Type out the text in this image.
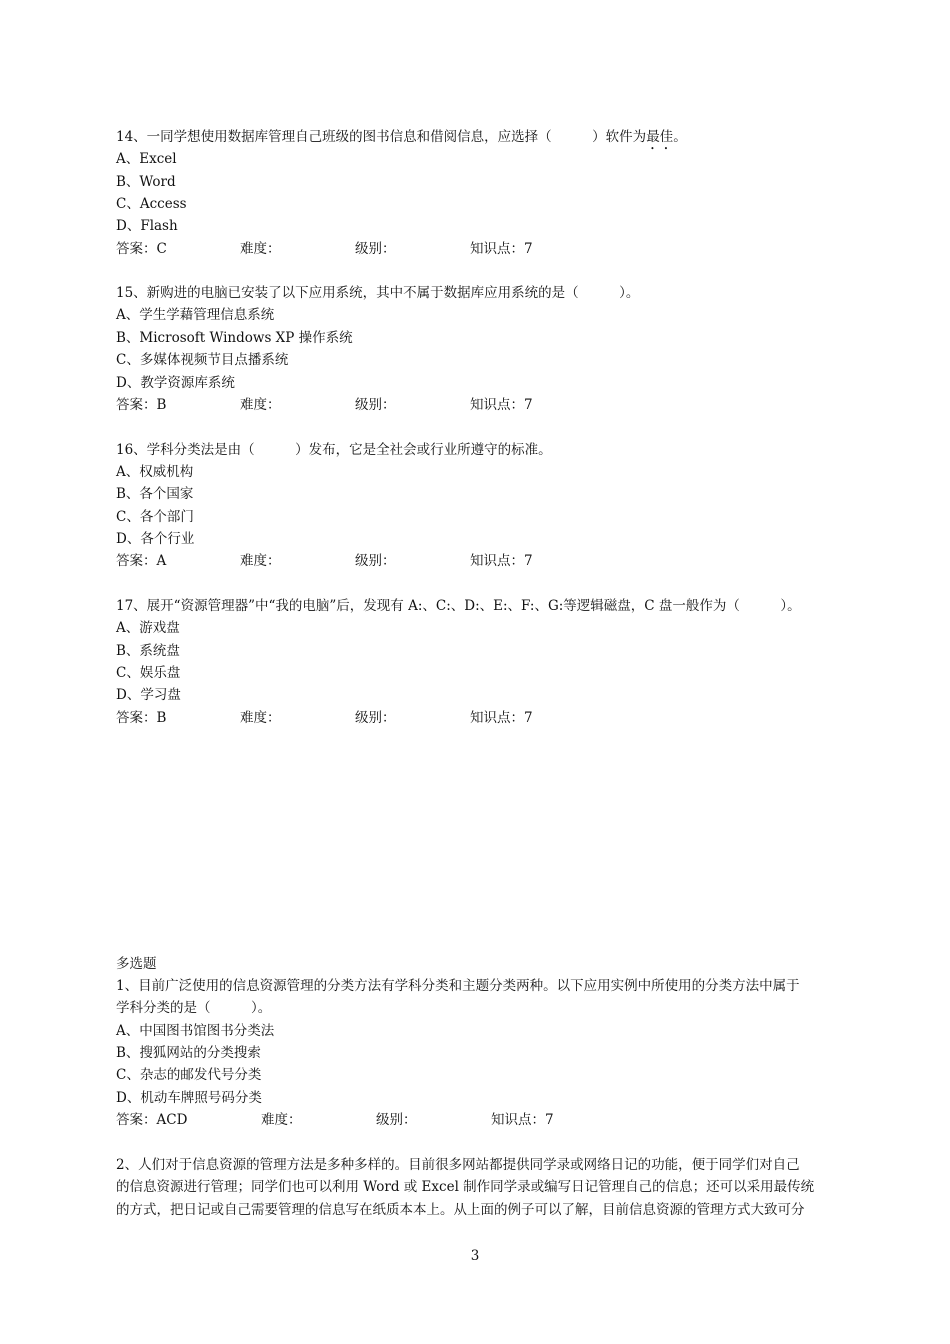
14、一同学想使用数据库管理自己班级的图书信息和借阅信息，应选择（　　　）软件为最佳。
A、Excel
B、Word
C、Access
D、Flash
答案：C	难度：	级别：	知识点：7
15、新购进的电脑已安装了以下应用系统，其中不属于数据库应用系统的是（　　　）。
A、学生学藉管理信息系统
B、Microsoft Windows XP 操作系统
C、多媒体视频节目点播系统
D、教学资源库系统
答案：B	难度：	级别：	知识点：7
16、学科分类法是由（　　　）发布，它是全社会或行业所遵守的标准。
A、权威机构
B、各个国家
C、各个部门
D、各个行业
答案：A	难度：	级别：	知识点：7
17、展开“资源管理器”中“我的电脑”后，发现有 A:、C:、D:、E:、F:、G:等逻辑磁盘，C 盘一般作为（　　　）。
A、游戏盘
B、系统盘
C、娱乐盘
D、学习盘
答案：B	难度：	级别：	知识点：7
多选题
1、目前广泛使用的信息资源管理的分类方法有学科分类和主题分类两种。以下应用实例中所使用的分类方法中属于
学科分类的是（　　　）。
A、中国图书馆图书分类法
B、搜狐网站的分类搜索
C、杂志的邮发代号分类
D、机动车牌照号码分类
答案：ACD	难度：	级别：	知识点：7
2、人们对于信息资源的管理方法是多种多样的。目前很多网站都提供同学录或网络日记的功能，便于同学们对自己
的信息资源进行管理；同学们也可以利用 Word 或 Excel 制作同学录或编写日记管理自己的信息；还可以采用最传统
的方式，把日记或自己需要管理的信息写在纸质本本上。从上面的例子可以了解，目前信息资源的管理方式大致可分
3
